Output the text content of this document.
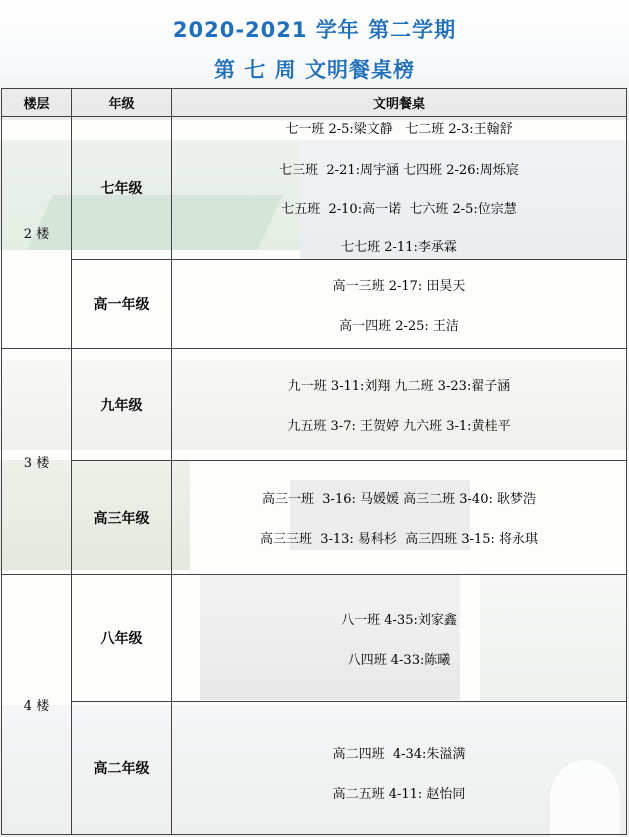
2020-2021 学年 第二学期
第 七 周 文明餐桌榜
楼层	年级	文明餐桌
2 楼	七年级	七一班 2-5:梁文静   七二班 2-3:王翰舒
七三班  2-21:周宇涵 七四班 2-26:周烁宸
七五班  2-10:高一诺  七六班 2-5:位宗慧
七七班 2-11:李承霖

	高一年级	高一三班 2-17: 田昊天
高一四班 2-25: 王洁

3 楼	九年级	九一班 3-11:刘翔 九二班 3-23:翟子涵
九五班 3-7: 王贺婷 九六班 3-1:黄桂平

	高三年级	高三一班  3-16: 马媛媛 高三二班 3-40: 耿梦浩
高三三班  3-13: 易科杉  高三四班 3-15: 将永琪

4 楼	八年级	八一班 4-35:刘家鑫
八四班 4-33:陈曦

	高二年级	高二四班  4-34:朱溢满
高二五班 4-11: 赵怡同
